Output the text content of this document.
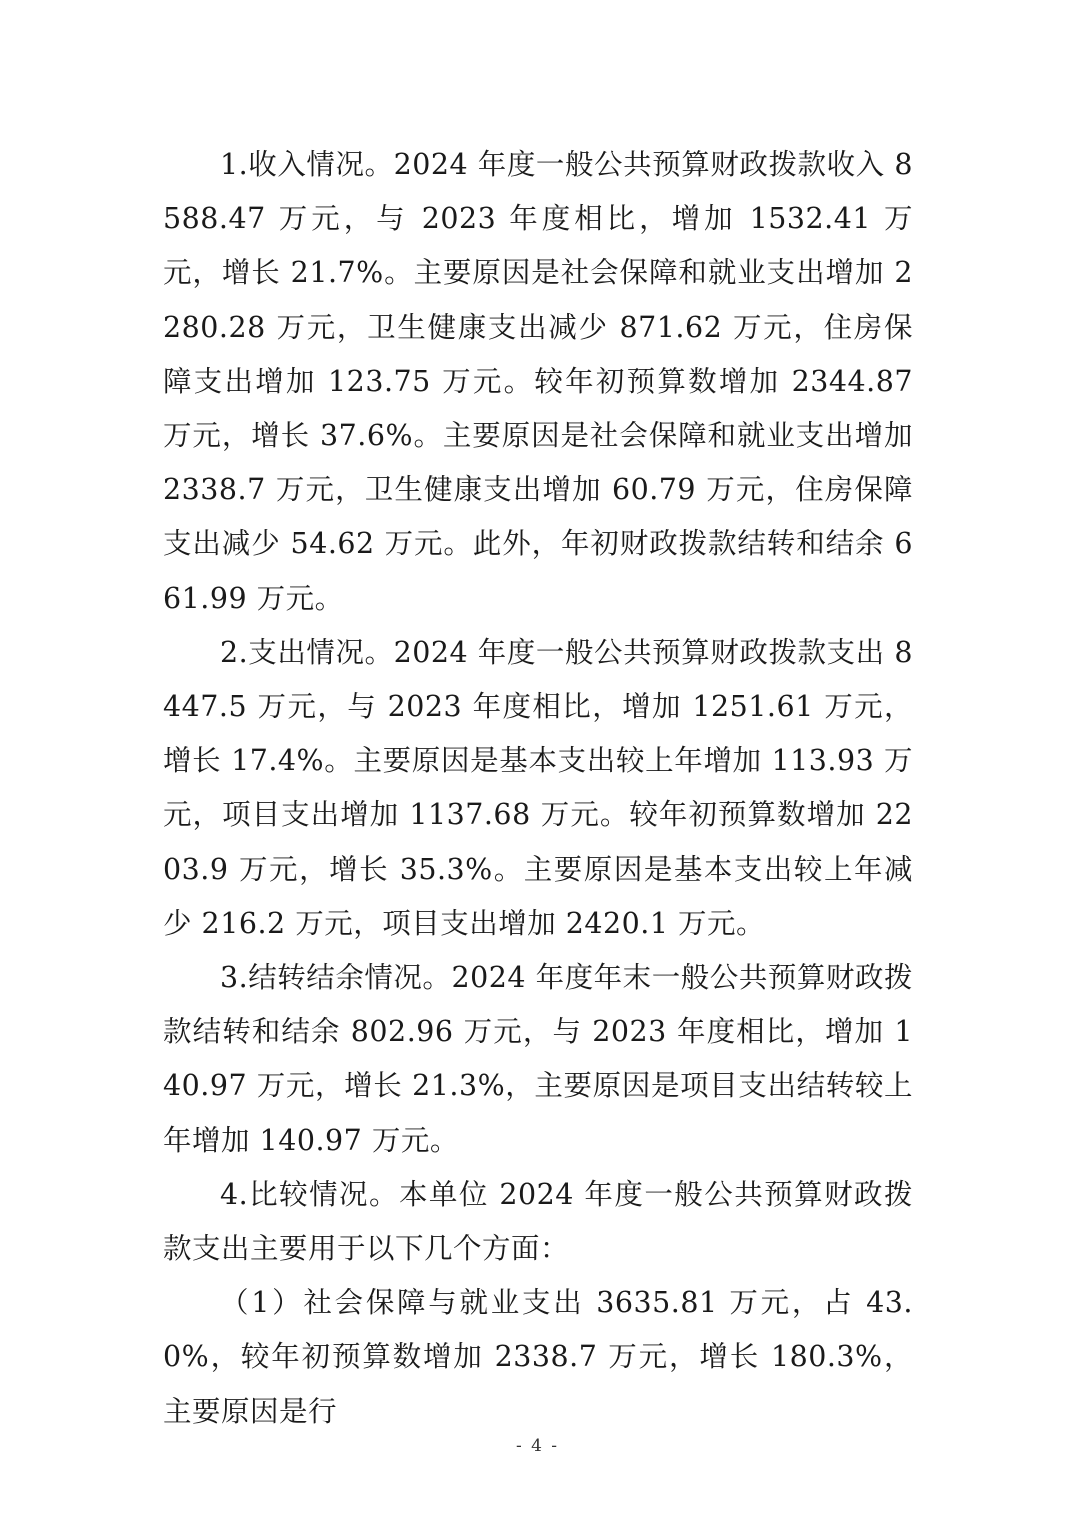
1.收入情况。2024 年度一般公共预算财政拨款收入 8588.47 万元，与 2023 年度相比，增加 1532.41 万元，增长 21.7%。主要原因是社会保障和就业支出增加 2280.28 万元，卫生健康支出减少 871.62 万元，住房保障支出增加 123.75 万元。较年初预算数增加 2344.87 万元，增长 37.6%。主要原因是社会保障和就业支出增加 2338.7 万元，卫生健康支出增加 60.79 万元，住房保障支出减少 54.62 万元。此外，年初财政拨款结转和结余 661.99 万元。

2.支出情况。2024 年度一般公共预算财政拨款支出 8447.5 万元，与 2023 年度相比，增加 1251.61 万元，增长 17.4%。主要原因是基本支出较上年增加 113.93 万元，项目支出增加 1137.68 万元。较年初预算数增加 2203.9 万元，增长 35.3%。主要原因是基本支出较上年减少 216.2 万元，项目支出增加 2420.1 万元。

3.结转结余情况。2024 年度年末一般公共预算财政拨款结转和结余 802.96 万元，与 2023 年度相比，增加 140.97 万元，增长 21.3%，主要原因是项目支出结转较上年增加 140.97 万元。

4.比较情况。本单位 2024 年度一般公共预算财政拨款支出主要用于以下几个方面：

（1）社会保障与就业支出 3635.81 万元，占 43.0%，较年初预算数增加 2338.7 万元，增长 180.3%，主要原因是行

- 4 -
